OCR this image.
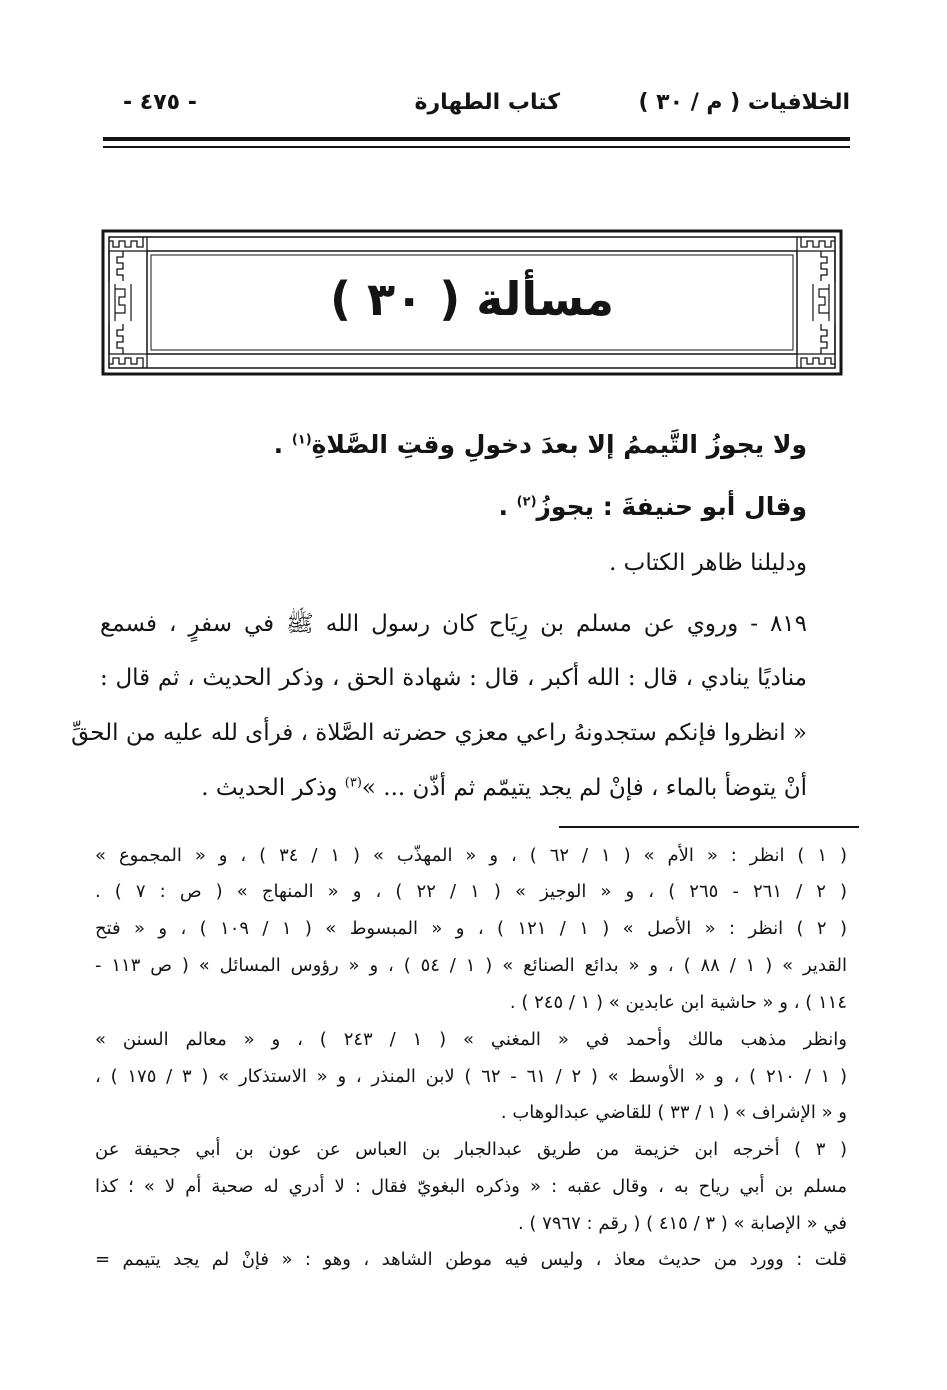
الخلافيات ( م / ٣٠ )
كتاب الطهارة
- ٤٧٥ -
مسألة ( ٣٠ )
ولا يجوزُ التَّيممُ إلا بعدَ دخولِ وقتِ الصَّلاةِ$^{(١)}$ .
وقال أبو حنيفةَ : يجوزُ$^{(٢)}$ .
ودليلنا ظاهر الكتاب .
٨١٩ - وروي عن مسلم بن رِيَاح كان رسول الله ﷺ في سفرٍ ، فسمع
مناديًا ينادي ، قال : الله أكبر ، قال : شهادة الحق ، وذكر الحديث ، ثم قال :
« انظروا فإنكم ستجدونهُ راعي معزي حضرته الصَّلاة ، فرأى لله عليه من الحقِّ
أنْ يتوضأ بالماء ، فإنْ لم يجد يتيمّم ثم أذّن ... »$^{(٣)}$ وذكر الحديث .
( ١ ) انظر : « الأم » ( ١ / ٦٢ ) ، و « المهذّب » ( ١ / ٣٤ ) ، و « المجموع »
( ٢ / ٢٦١ - ٢٦٥ ) ، و « الوجيز » ( ١ / ٢٢ ) ، و « المنهاج » ( ص : ٧ ) .
( ٢ ) انظر : « الأصل » ( ١ / ١٢١ ) ، و « المبسوط » ( ١ / ١٠٩ ) ، و « فتح
القدير » ( ١ / ٨٨ ) ، و « بدائع الصنائع » ( ١ / ٥٤ ) ، و « رؤوس المسائل » ( ص ١١٣ -
١١٤ ) ، و « حاشية ابن عابدين » ( ١ / ٢٤٥ ) .
وانظر مذهب مالك وأحمد في « المغني » ( ١ / ٢٤٣ ) ، و « معالم السنن »
( ١ / ٢١٠ ) ، و « الأوسط » ( ٢ / ٦١ - ٦٢ ) لابن المنذر ، و « الاستذكار » ( ٣ / ١٧٥ ) ،
و « الإشراف » ( ١ / ٣٣ ) للقاضي عبدالوهاب .
( ٣ ) أخرجه ابن خزيمة من طريق عبدالجبار بن العباس عن عون بن أبي جحيفة عن
مسلم بن أبي رياح به ، وقال عقبه : « وذكره البغويّ فقال : لا أدري له صحبة أم لا » ؛ كذا
في « الإصابة » ( ٣ / ٤١٥ ) ( رقم : ٧٩٦٧ ) .
قلت : وورد من حديث معاذ ، وليس فيه موطن الشاهد ، وهو : « فإنْ لم يجد يتيمم =
